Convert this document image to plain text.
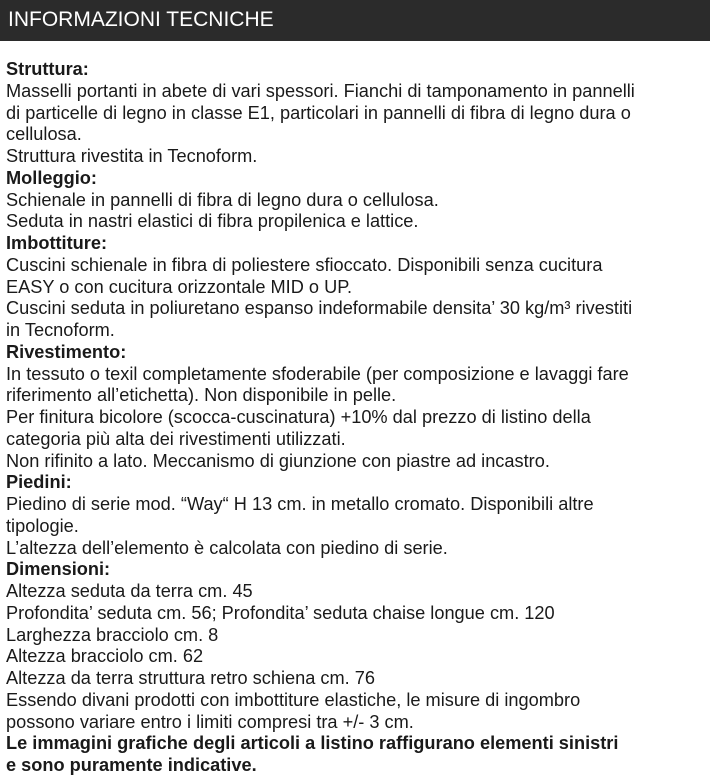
INFORMAZIONI TECNICHE

Struttura:

Masselli portanti in abete di vari spessori. Fianchi di tamponamento in pannelli

di particelle di legno in classe E1, particolari in pannelli di fibra di legno dura o

cellulosa.

Struttura rivestita in Tecnoform.

Molleggio:

Schienale in pannelli di fibra di legno dura o cellulosa.

Seduta in nastri elastici di fibra propilenica e lattice.

Imbottiture:

Cuscini schienale in fibra di poliestere sfioccato. Disponibili senza cucitura

EASY o con cucitura orizzontale MID o UP.

Cuscini seduta in poliuretano espanso indeformabile densita’ 30 kg/m³ rivestiti

in Tecnoform.

Rivestimento:

In tessuto o texil completamente sfoderabile (per composizione e lavaggi fare

riferimento all’etichetta). Non disponibile in pelle.

Per finitura bicolore (scocca-cuscinatura) +10% dal prezzo di listino della

categoria più alta dei rivestimenti utilizzati.

Non rifinito a lato. Meccanismo di giunzione con piastre ad incastro.

Piedini:

Piedino di serie mod. “Way“ H 13 cm. in metallo cromato. Disponibili altre

tipologie.

L’altezza dell’elemento è calcolata con piedino di serie.

Dimensioni:

Altezza seduta da terra cm. 45

Profondita’ seduta cm. 56; Profondita’ seduta chaise longue cm. 120

Larghezza bracciolo cm. 8

Altezza bracciolo cm. 62

Altezza da terra struttura retro schiena cm. 76

Essendo divani prodotti con imbottiture elastiche, le misure di ingombro

possono variare entro i limiti compresi tra +/- 3 cm.

Le immagini grafiche degli articoli a listino raffigurano elementi sinistri

e sono puramente indicative.
